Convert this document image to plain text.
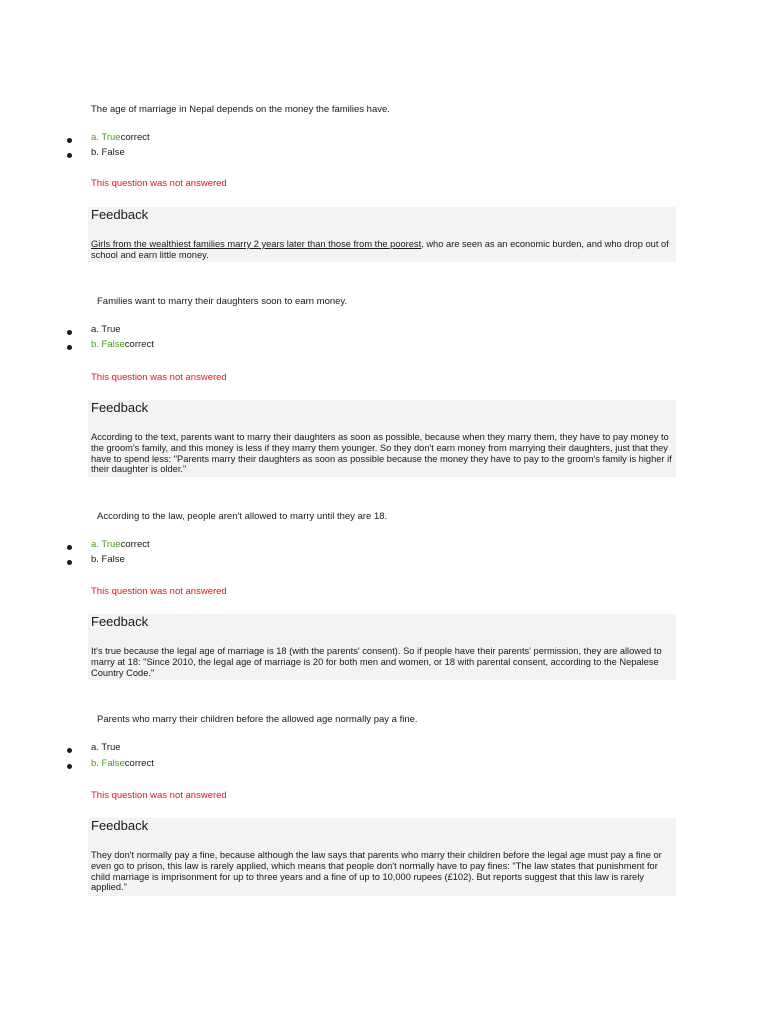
The age of marriage in Nepal depends on the money the families have.
a. Truecorrect
b. False
This question was not answered
Feedback
Girls from the wealthiest families marry 2 years later than those from the poorest, who are seen as an economic burden, and who drop out of school and earn little money.
Families want to marry their daughters soon to earn money.
a. True
b. Falsecorrect
This question was not answered
Feedback
According to the text, parents want to marry their daughters as soon as possible, because when they marry them, they have to pay money to the groom's family, and this money is less if they marry them younger. So they don't earn money from marrying their daughters, just that they have to spend less: "Parents marry their daughters as soon as possible because the money they have to pay to the groom's family is higher if their daughter is older."
According to the law, people aren't allowed to marry until they are 18.
a. Truecorrect
b. False
This question was not answered
Feedback
It's true because the legal age of marriage is 18 (with the parents' consent). So if people have their parents' permission, they are allowed to marry at 18: "Since 2010, the legal age of marriage is 20 for both men and women, or 18 with parental consent, according to the Nepalese Country Code."
Parents who marry their children before the allowed age normally pay a fine.
a. True
b. Falsecorrect
This question was not answered
Feedback
They don't normally pay a fine, because although the law says that parents who marry their children before the legal age must pay a fine or even go to prison, this law is rarely applied, which means that people don't normally have to pay fines: "The law states that punishment for child marriage is imprisonment for up to three years and a fine of up to 10,000 rupees (£102). But reports suggest that this law is rarely applied."
